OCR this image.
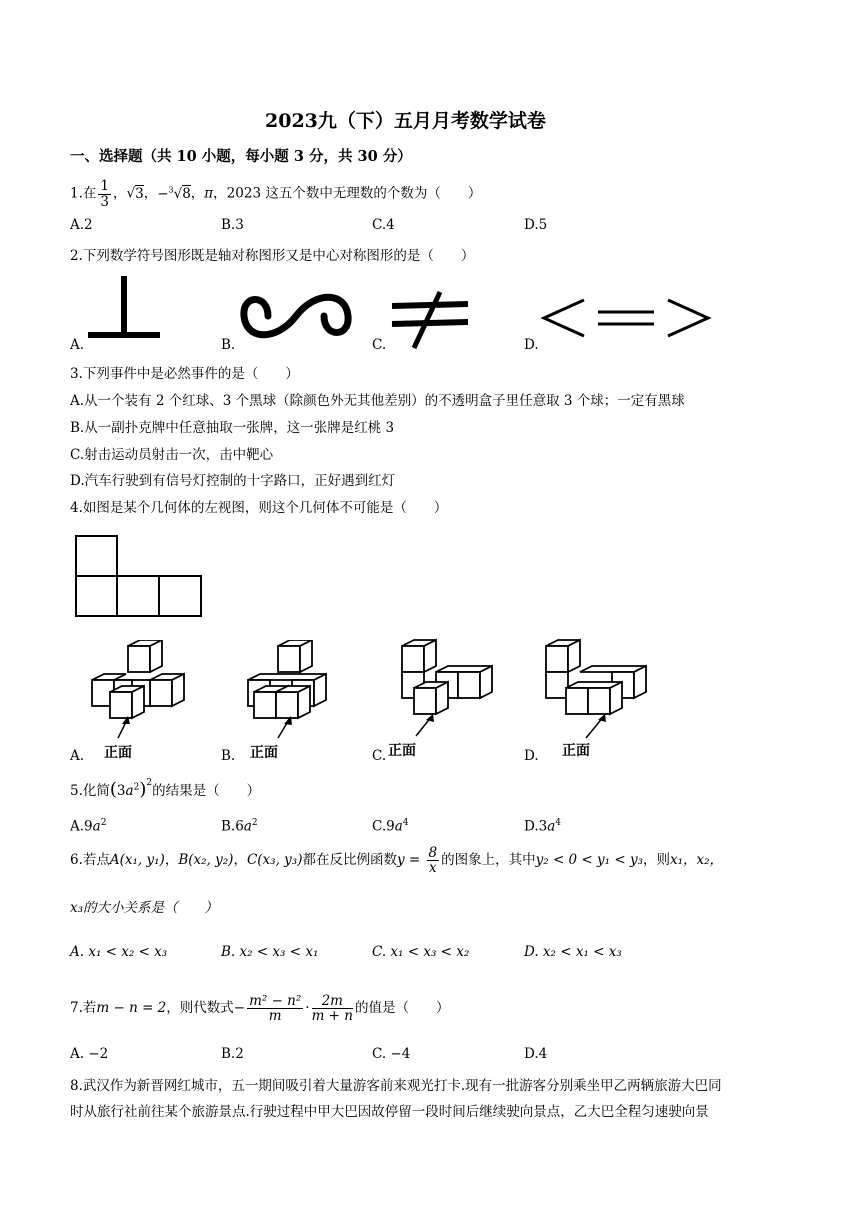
2023九（下）五月月考数学试卷
一、选择题（共 10 小题，每小题 3 分，共 30 分）
1.在 $\frac{1}{3}$ ，√3，−$^3$√8，π，2023 这五个数中无理数的个数为（　　）
A.2	B.3	C.4	D.5
2.下列数学符号图形既是轴对称图形又是中心对称图形的是（　　）
A.	B.	C.	D.
3.下列事件中是必然事件的是（　　）
A.从一个装有 2 个红球、3 个黑球（除颜色外无其他差别）的不透明盒子里任意取 3 个球；一定有黑球
B.从一副扑克牌中任意抽取一张牌，这一张牌是红桃 3
C.射击运动员射击一次，击中靶心
D.汽车行驶到有信号灯控制的十字路口，正好遇到红灯
4.如图是某个几何体的左视图，则这个几何体不可能是（　　）
A.	B.	C.	D.
正面	正面	正面	正面
5.化简$(3a^2)^2$的结果是（　　）
$A.9a^2$	$B.6a^2$	$C.9a^4$	$D.3a^4$
6.若点A(x₁, y₁)，B(x₂, y₂)，C(x₃, y₃)都在反比例函数$y = \frac{8}{x}$ 的图象上，其中y₂ < 0 < y₁ < y₃，则x₁，x₂，
x₃的大小关系是（　　）
A. x₁ < x₂ < x₃	B. x₂ < x₃ < x₁	C. x₁ < x₃ < x₂	D. x₂ < x₁ < x₃
7.若m − n = 2，则代数式− $\frac{\text{m² − n²}}{m} \cdot \frac{2m}{m + n}$ 的值是（　　）
A. −2	B.2	C. −4	D.4
8.武汉作为新晋网红城市，五一期间吸引着大量游客前来观光打卡.现有一批游客分别乘坐甲乙两辆旅游大巴同
时从旅行社前往某个旅游景点.行驶过程中甲大巴因故停留一段时间后继续驶向景点，乙大巴全程匀速驶向景
